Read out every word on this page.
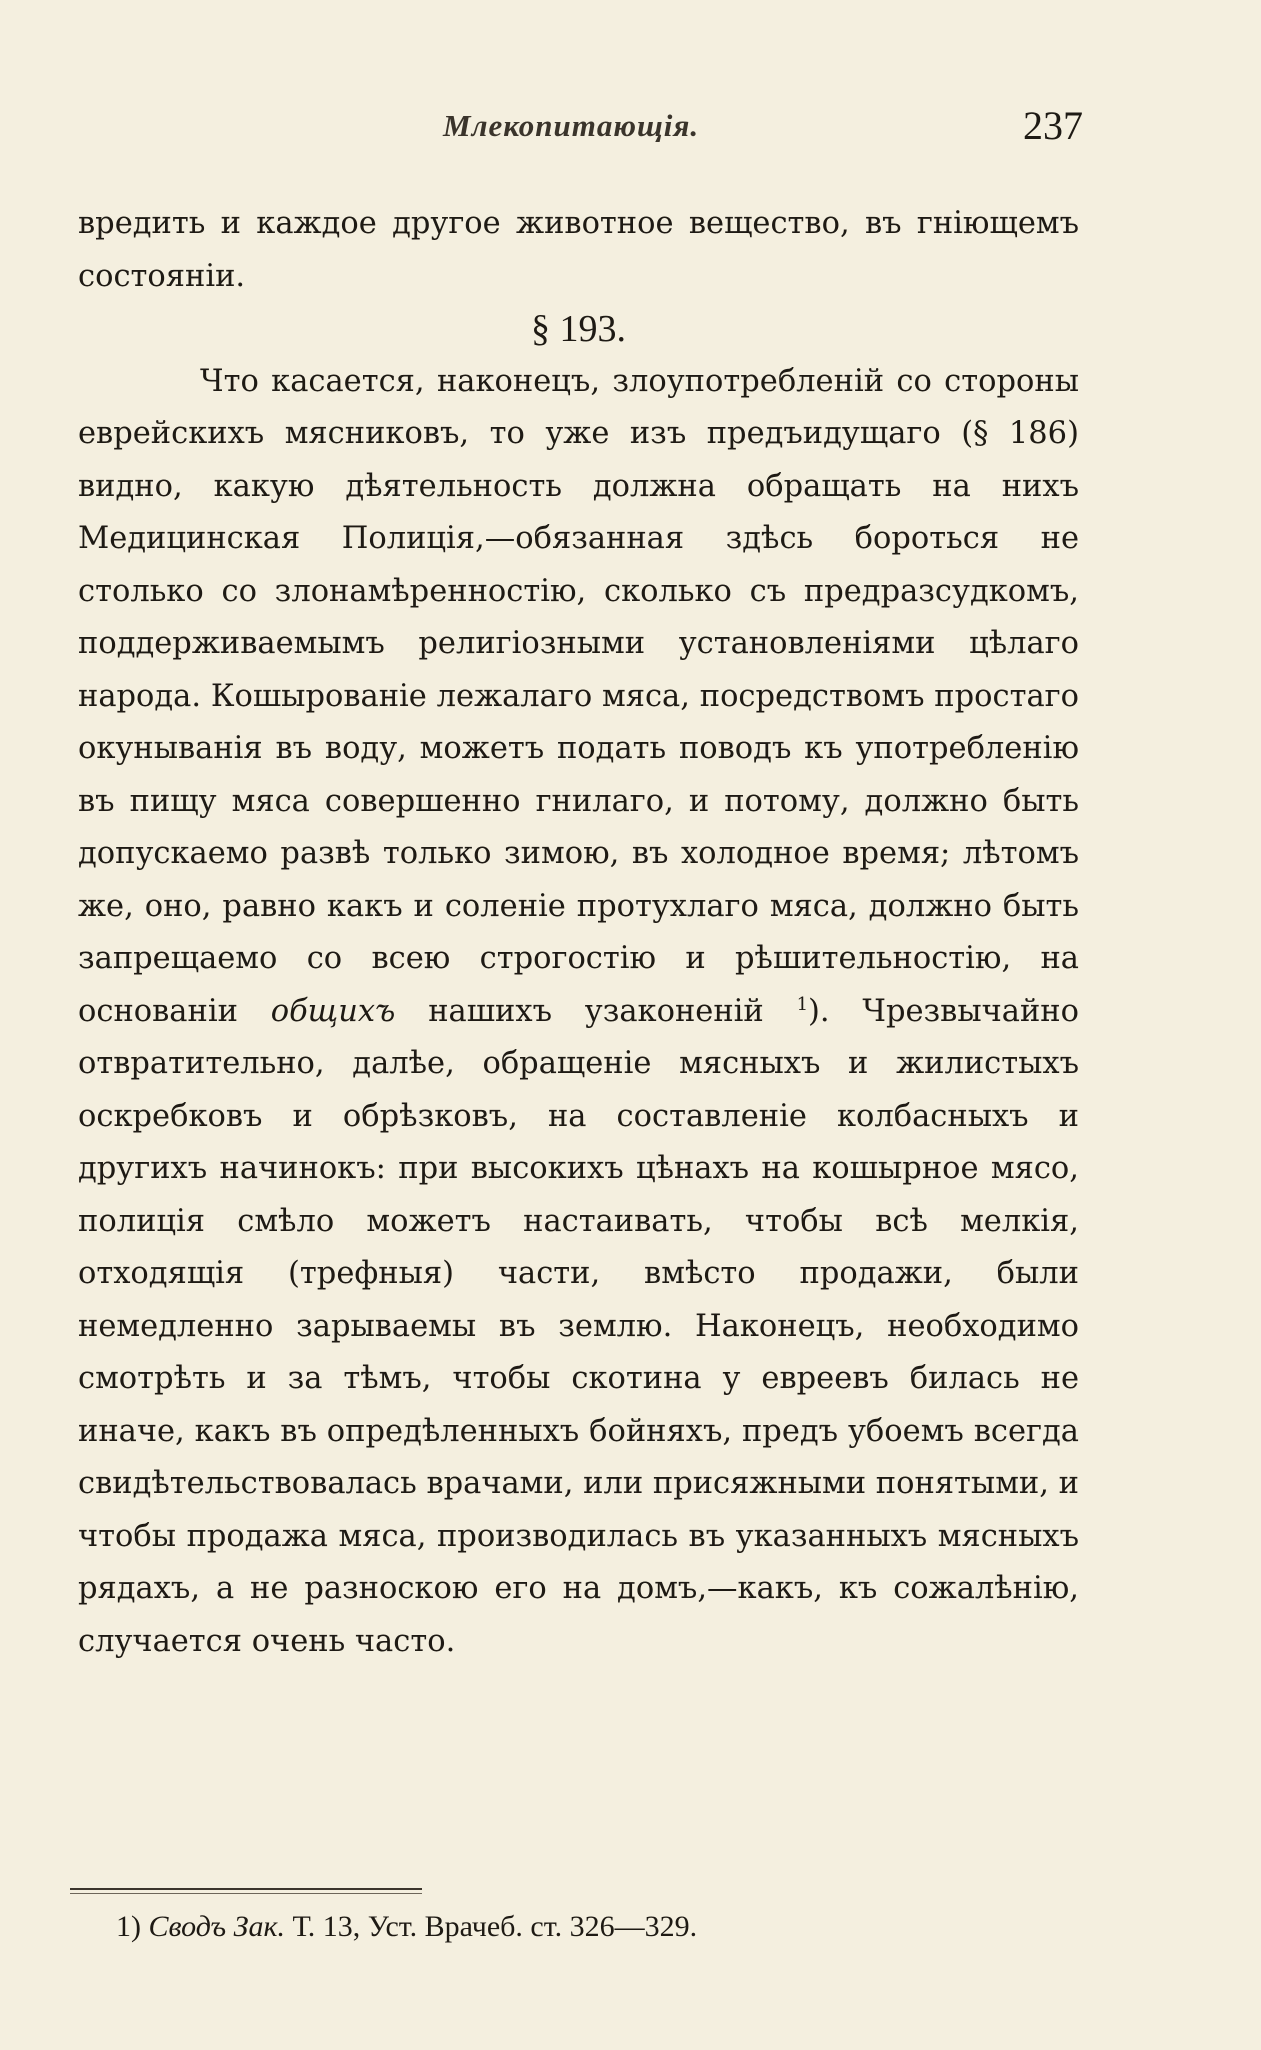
Млекопитающія.	237

вредить и каждое другое животное вещество, въ гніющемъ состояніи.

§ 193.

Что касается, наконецъ, злоупотребленій со стороны еврейскихъ мясниковъ, то уже изъ предъидущаго (§ 186) видно, какую дѣятельность должна обращать на нихъ Медицинская Полиція,—обязанная здѣсь бороться не столько со злонамѣренностію, сколько съ предразсудкомъ, поддерживаемымъ религіозными установленіями цѣлаго народа. Кошырованіе лежалаго мяса, посредствомъ простаго окуныванія въ воду, можетъ подать поводъ къ употребленію въ пищу мяса совершенно гнилаго, и потому, должно быть допускаемо развѣ только зимою, въ холодное время; лѣтомъ же, оно, равно какъ и соленіе протухлаго мяса, должно быть запрещаемо со всею строгостію и рѣшительностію, на основаніи общихъ нашихъ узаконеній $^1$). Чрезвычайно отвратительно, далѣе, обращеніе мясныхъ и жилистыхъ оскребковъ и обрѣзковъ, на составленіе колбасныхъ и другихъ начинокъ: при высокихъ цѣнахъ на кошырное мясо, полиція смѣло можетъ настаивать, чтобы всѣ мелкія, отходящія (трефныя) части, вмѣсто продажи, были немедленно зарываемы въ землю. Наконецъ, необходимо смотрѣть и за тѣмъ, чтобы скотина у евреевъ билась не иначе, какъ въ опредѣленныхъ бойняхъ, предъ убоемъ всегда свидѣтельствовалась врачами, или присяжными понятыми, и чтобы продажа мяса, производилась въ указанныхъ мясныхъ рядахъ, а не разноскою его на домъ,—какъ, къ сожалѣнію, случается очень часто.

1) Сводъ Зак. Т. 13, Уст. Врачеб. ст. 326—329.
